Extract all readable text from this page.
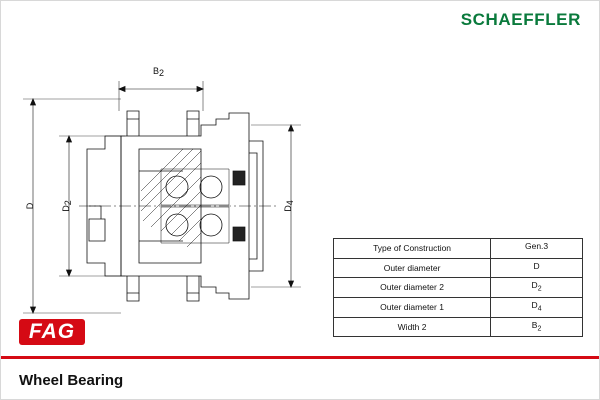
SCHAEFFLER
B2
D	D2
D4
Type of Construction	Gen.3
Outer diameter	D
Outer diameter 2	$D_2$
Outer diameter 1	$D_4$
Width 2	$B_2$
FAG
Wheel Bearing
